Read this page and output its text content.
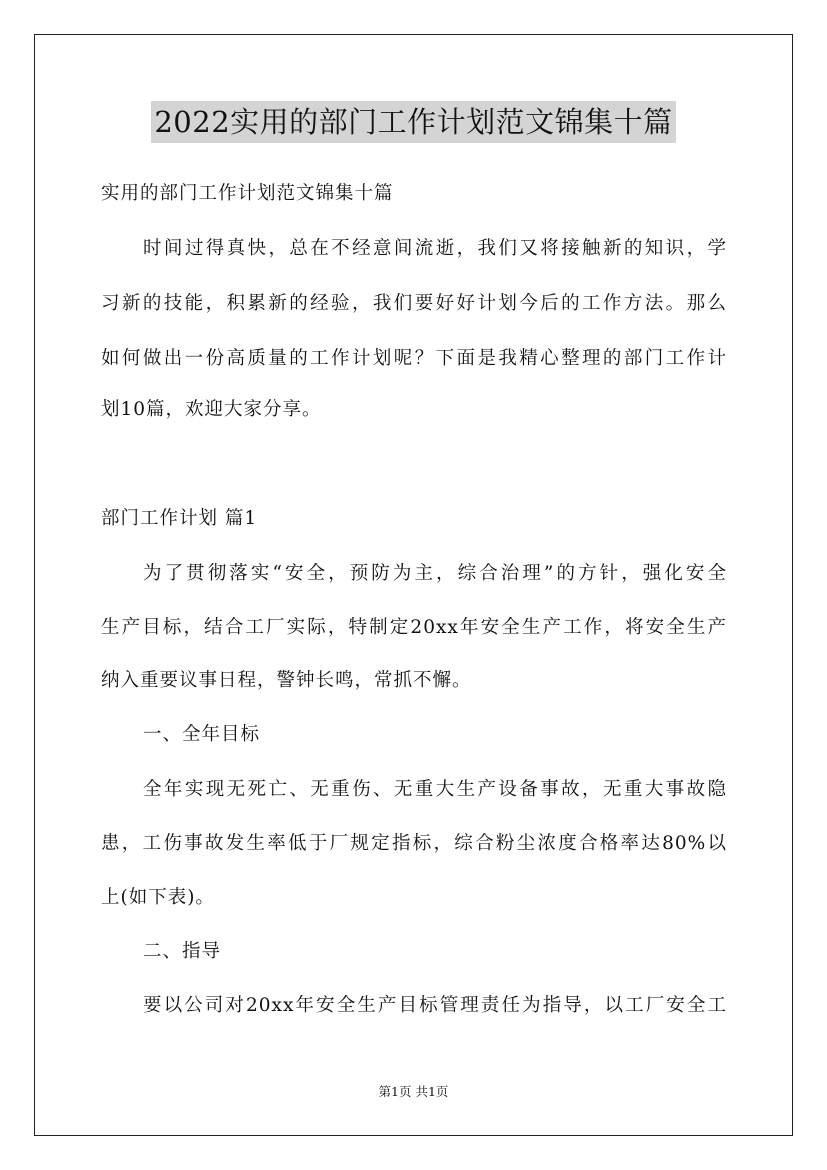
2022实用的部门工作计划范文锦集十篇
实用的部门工作计划范文锦集十篇
时间过得真快，总在不经意间流逝，我们又将接触新的知识，学
习新的技能，积累新的经验，我们要好好计划今后的工作方法。那么
如何做出一份高质量的工作计划呢？下面是我精心整理的部门工作计
划10篇，欢迎大家分享。
部门工作计划 篇1
为了贯彻落实“安全，预防为主，综合治理”的方针，强化安全
生产目标，结合工厂实际，特制定20xx年安全生产工作，将安全生产
纳入重要议事日程，警钟长鸣，常抓不懈。
一、全年目标
全年实现无死亡、无重伤、无重大生产设备事故，无重大事故隐
患，工伤事故发生率低于厂规定指标，综合粉尘浓度合格率达80%以
上(如下表)。
二、指导
要以公司对20xx年安全生产目标管理责任为指导，以工厂安全工
第1页 共1页
